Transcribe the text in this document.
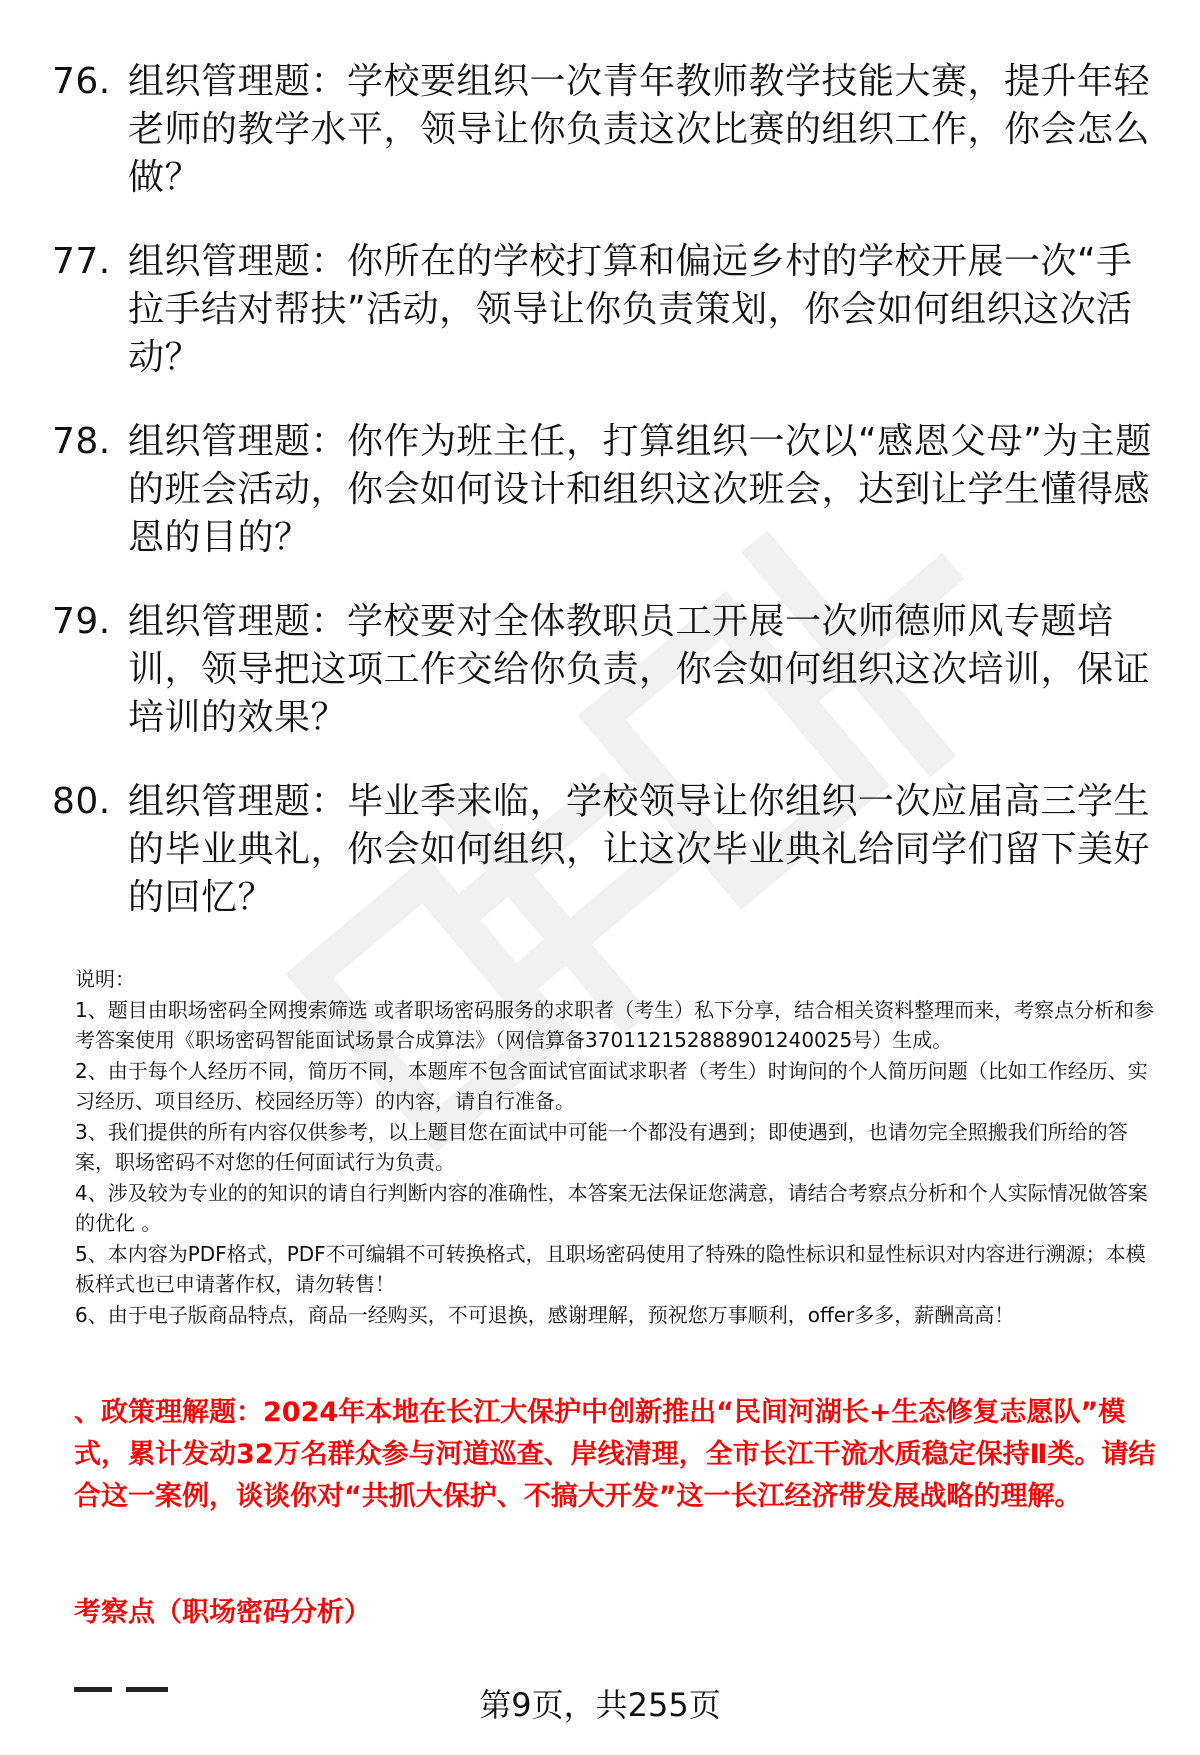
76. 组织管理题：学校要组织一次青年教师教学技能大赛，提升年轻老师的教学水平，领导让你负责这次比赛的组织工作，你会怎么做？
77. 组织管理题：你所在的学校打算和偏远乡村的学校开展一次“手拉手结对帮扶”活动，领导让你负责策划，你会如何组织这次活动？
78. 组织管理题：你作为班主任，打算组织一次以“感恩父母”为主题的班会活动，你会如何设计和组织这次班会，达到让学生懂得感恩的目的？
79. 组织管理题：学校要对全体教职员工开展一次师德师风专题培训，领导把这项工作交给你负责，你会如何组织这次培训，保证培训的效果？
80. 组织管理题：毕业季来临，学校领导让你组织一次应届高三学生的毕业典礼，你会如何组织，让这次毕业典礼给同学们留下美好的回忆？

说明：

1、题目由职场密码全网搜索筛选 或者职场密码服务的求职者（考生）私下分享，结合相关资料整理而来，考察点分析和参考答案使用《职场密码智能面试场景合成算法》（网信算备370112152888901240025号）生成。

2、由于每个人经历不同，简历不同，本题库不包含面试官面试求职者（考生）时询问的个人简历问题（比如工作经历、实习经历、项目经历、校园经历等）的内容，请自行准备。

3、我们提供的所有内容仅供参考，以上题目您在面试中可能一个都没有遇到；即使遇到，也请勿完全照搬我们所给的答案，职场密码不对您的任何面试行为负责。

4、涉及较为专业的的知识的请自行判断内容的准确性，本答案无法保证您满意，请结合考察点分析和个人实际情况做答案的优化 。

5、本内容为PDF格式，PDF不可编辑不可转换格式，且职场密码使用了特殊的隐性标识和显性标识对内容进行溯源；本模板样式也已申请著作权，请勿转售！

6、由于电子版商品特点，商品一经购买，不可退换，感谢理解，预祝您万事顺利，offer多多，薪酬高高！

、政策理解题：2024年本地在长江大保护中创新推出“民间河湖长+生态修复志愿队”模式，累计发动32万名群众参与河道巡查、岸线清理，全市长江干流水质稳定保持Ⅱ类。请结合这一案例，谈谈你对“共抓大保护、不搞大开发”这一长江经济带发展战略的理解。
考察点（职场密码分析）
第9页，共255页
